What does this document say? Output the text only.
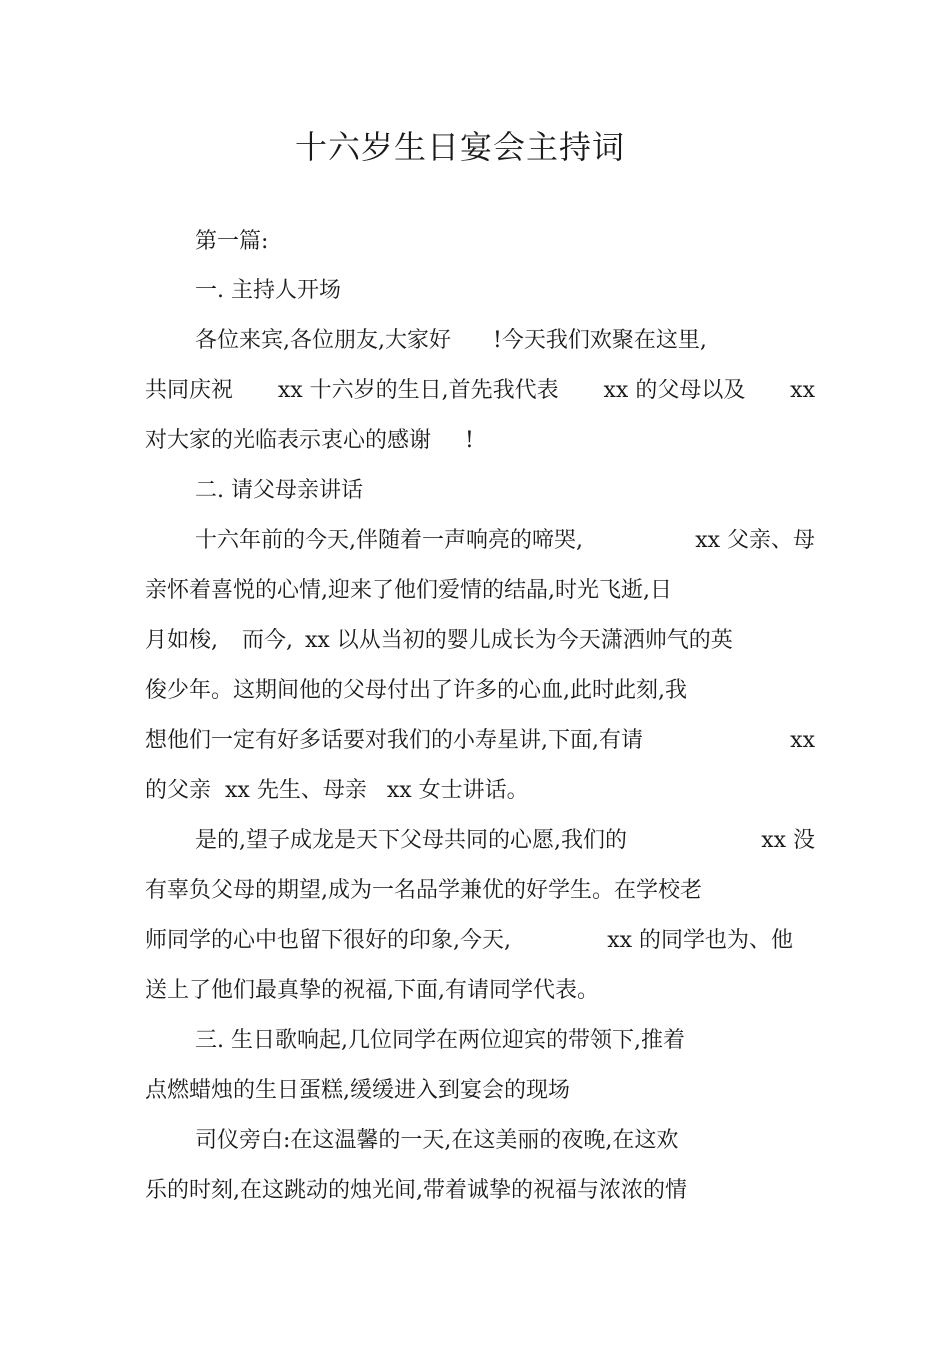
十六岁生日宴会主持词
第一篇:
一. 主持人开场
各位来宾,各位朋友,大家好 !今天我们欢聚在这里,
共同庆祝 xx 十六岁的生日,首先我代表 xx 的父母以及 xx
对大家的光临表示衷心的感谢 !
二. 请父母亲讲话
十六年前的今天,伴随着一声响亮的啼哭,	xx 父亲、母
亲怀着喜悦的心情,迎来了他们爱情的结晶,时光飞逝,日
月如梭, 而今, xx 以从当初的婴儿成长为今天潇洒帅气的英
俊少年。这期间他的父母付出了许多的心血,此时此刻,我
想他们一定有好多话要对我们的小寿星讲,下面,有请	xx
的父亲 xx 先生、母亲 xx 女士讲话。
是的,望子成龙是天下父母共同的心愿,我们的	xx 没
有辜负父母的期望,成为一名品学兼优的好学生。在学校老
师同学的心中也留下很好的印象,今天,	xx 的同学也为、他
送上了他们最真挚的祝福,下面,有请同学代表。
三. 生日歌响起,几位同学在两位迎宾的带领下,推着
点燃蜡烛的生日蛋糕,缓缓进入到宴会的现场
司仪旁白:在这温馨的一天,在这美丽的夜晚,在这欢
乐的时刻,在这跳动的烛光间,带着诚挚的祝福与浓浓的情
